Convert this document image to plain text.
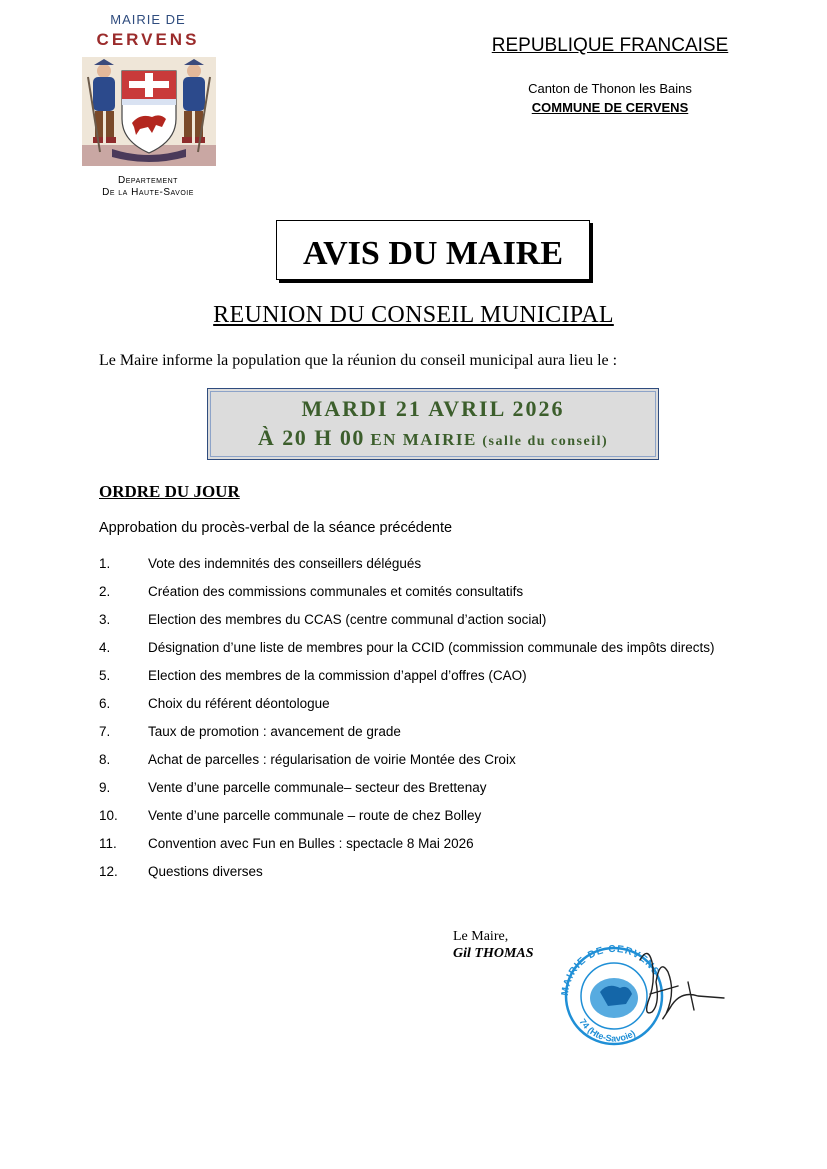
MAIRIE DE
CERVENS
Departement
De la Haute-Savoie
REPUBLIQUE FRANCAISE
Canton de Thonon les Bains
COMMUNE DE CERVENS
AVIS DU MAIRE
REUNION DU CONSEIL MUNICIPAL
Le Maire informe la population que la réunion du conseil municipal aura lieu le :
MARDI 21 AVRIL 2026
À 20 H 00 EN MAIRIE (salle du conseil)
ORDRE DU JOUR
Approbation du procès-verbal de la séance précédente
1.	Vote des indemnités des conseillers délégués
2.	Création des commissions communales et comités consultatifs
3.	Election des membres du CCAS (centre communal d’action social)
4.	Désignation d’une liste de membres pour la CCID (commission communale des impôts directs)
5.	Election des membres de la commission d’appel d’offres (CAO)
6.	Choix du référent déontologue
7.	Taux de promotion : avancement de grade
8.	Achat de parcelles : régularisation de voirie Montée des Croix
9.	Vente d’une parcelle communale– secteur des Brettenay
10. Vente d’une parcelle communale – route de chez Bolley
11. Convention avec Fun en Bulles : spectacle 8 Mai 2026
12. Questions diverses
Le Maire,
Gil THOMAS
MAIRIE DE CERVENS
74 (Hte-Savoie)
